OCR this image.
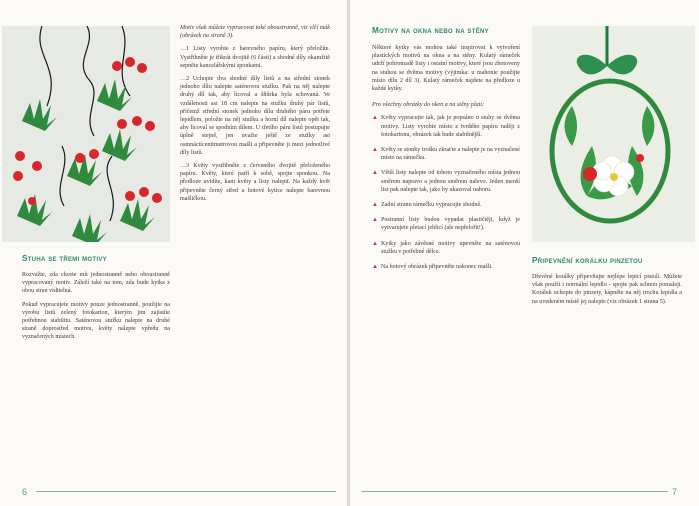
Stuha se třemi motivy

Rozvažte, zda chcete mít jednostranně nebo oboustranně vypracovaný motiv. Záleží také na tom, zda bude kytka z obou stran viditelná.

Pokud vypracujete motivy pouze jednostranně, použijte na výrobu listů zelený fotokarton, kterým jim zajistíte potřebnou stabilitu. Saténovou stužku nalepte na druhé straně doprostřed motivu, květy nalepte vpředu na vyznačených místech.

Motiv však můžete vypracovat také oboustranně, viz vlčí mák (obrázek na straně 3).

…1 Listy vyrobte z barevného papíru, který přeložíte. Vystřihněte je třikrát dvojitě (6 částí) a shodné díly okamžitě sepněte kancelářskými sponkami.

…2 Uchopte dva shodné díly listů a na střední stonek jednoho dílu nalepte saténovou stužku. Pak na něj nalepte druhý díl tak, aby lícoval a šňůrka byla schovaná. Ve vzdálenosti asi 18 cm nalepte na stužku druhý pár listů, přičemž střední stonek jednoho dílu druhého páru potřete lepidlem, položte na něj stužku a horní díl nalepte opět tak, aby lícoval se spodním dílem. U třetího páru listů postupujte úplně stejně, jen uvažte ještě ze stužky asi osmnáctícentimetrovou mašli a připevněte ji mezi jednotlivé díly listů.

…3 Květy vystřihněte z červeného dvojitě přeloženého papíru. Květy, které patří k sobě, spojte sponkou. Na předloze uvidíte, kam květy a listy nalepit. Na každý květ připevněte černý střed a hotové kytice nalepte barevnou mašličkou.

6
Motivy na okna nebo na stěny

Některé kytky vás mohou také inspirovat k vytvoření plastických motivů na okna a na stěny. Kulatý rámeček udrží pohromadě listy i ostatní motivy, které jsou zhotoveny na stuhou se dvěma motivy (výjimka: u mahonie použijte místo dílu 2 díl 3). Kulatý rámeček najdete na předloze u každé kytky.

Pro všechny obrázky do oken a na stěny platí:

▲ Květy vypracujte tak, jak je popsáno u stuhy se dvěma motivy. Listy vyrobte místo z tvrdého papíru raději z fotokartonu, obrázek tak bude stabilnější.

▲ Květy se stonky trošku zkraťte a nalepte je na vyznačené místo na rámečku.

▲ Větší listy nalepte od tohoto vyznačeného místa jednou směrem napravo a jednou směrem nalevo. Jeden menší list pak nalepte tak, jako by ukazoval nahoru.

▲ Zadní stranu rámečku vypracujte shodně.

▲ Postranní listy budou vypadat plastičtěji, když je vytvarujete pletací jehlicí (ale nepřelořit!).

▲ Kytky jako závěsné motivy upevněte na saténovou stužku v potřebné délce.

▲ Na hotový obrázek připevněte nakonec mašli.

Připevnění korálku pinzetou

Dřevěné korálky připevňujte nejlépe lepicí pistolí. Můžete však použít i normální lepidlo - spojte pak schnou pomaleji. Korálek uchopte do pinzety, kápněte na něj trochu lepidla a na uvedeném místě jej nalepte (viz obrázek 1 strana 5).

7
